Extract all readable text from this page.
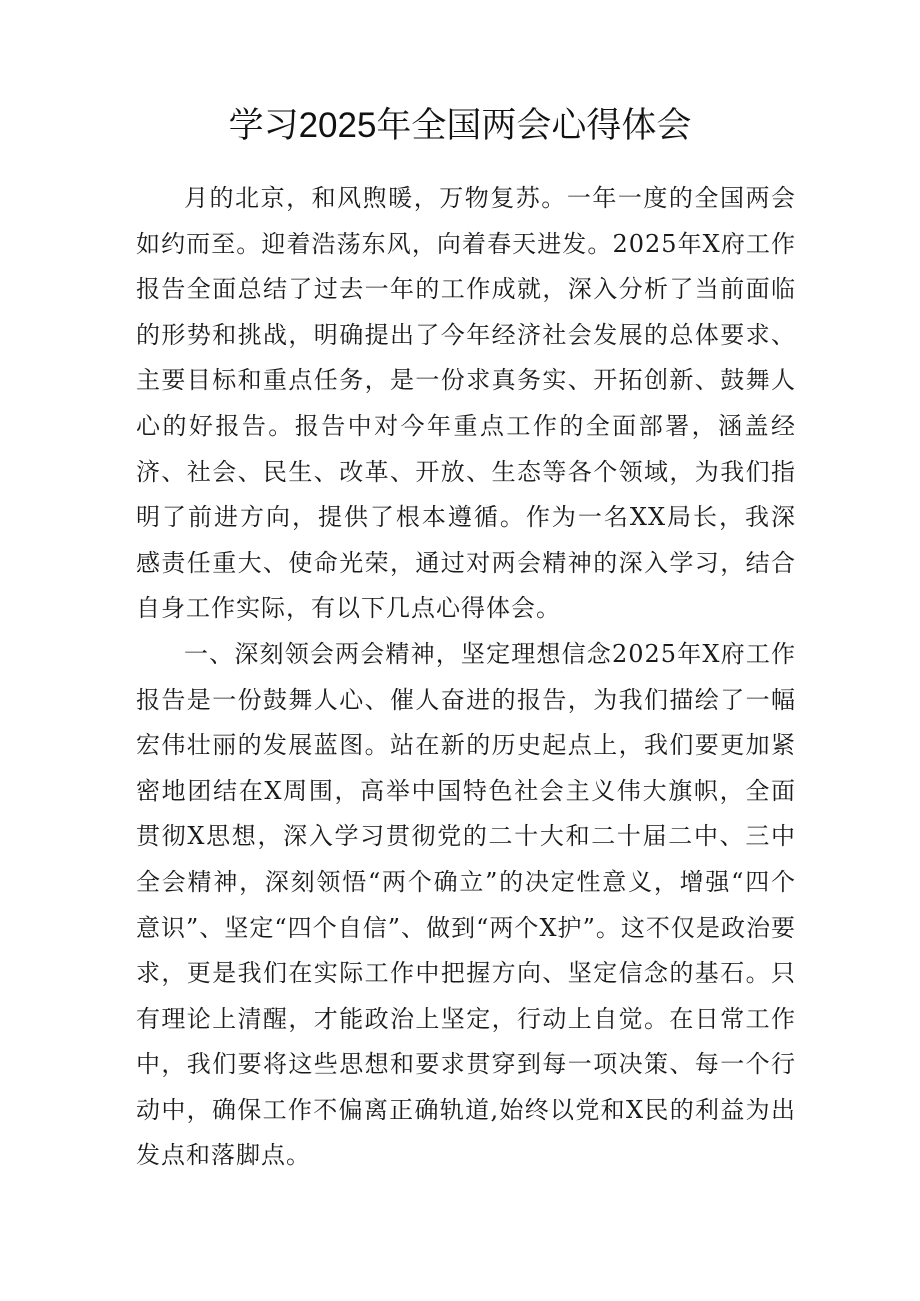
学习2025年全国两会心得体会

月的北京，和风煦暖，万物复苏。一年一度的全国两会如约而至。迎着浩荡东风，向着春天进发。2025年X府工作报告全面总结了过去一年的工作成就，深入分析了当前面临的形势和挑战，明确提出了今年经济社会发展的总体要求、主要目标和重点任务，是一份求真务实、开拓创新、鼓舞人心的好报告。报告中对今年重点工作的全面部署，涵盖经济、社会、民生、改革、开放、生态等各个领域，为我们指明了前进方向，提供了根本遵循。作为一名XX局长，我深感责任重大、使命光荣，通过对两会精神的深入学习，结合自身工作实际，有以下几点心得体会。

一、深刻领会两会精神，坚定理想信念2025年X府工作报告是一份鼓舞人心、催人奋进的报告，为我们描绘了一幅宏伟壮丽的发展蓝图。站在新的历史起点上，我们要更加紧密地团结在X周围，高举中国特色社会主义伟大旗帜，全面贯彻X思想，深入学习贯彻党的二十大和二十届二中、三中全会精神，深刻领悟“两个确立”的决定性意义，增强“四个意识”、坚定“四个自信”、做到“两个X护”。这不仅是政治要求，更是我们在实际工作中把握方向、坚定信念的基石。只有理论上清醒，才能政治上坚定，行动上自觉。在日常工作中，我们要将这些思想和要求贯穿到每一项决策、每一个行动中，确保工作不偏离正确轨道,始终以党和X民的利益为出发点和落脚点。
